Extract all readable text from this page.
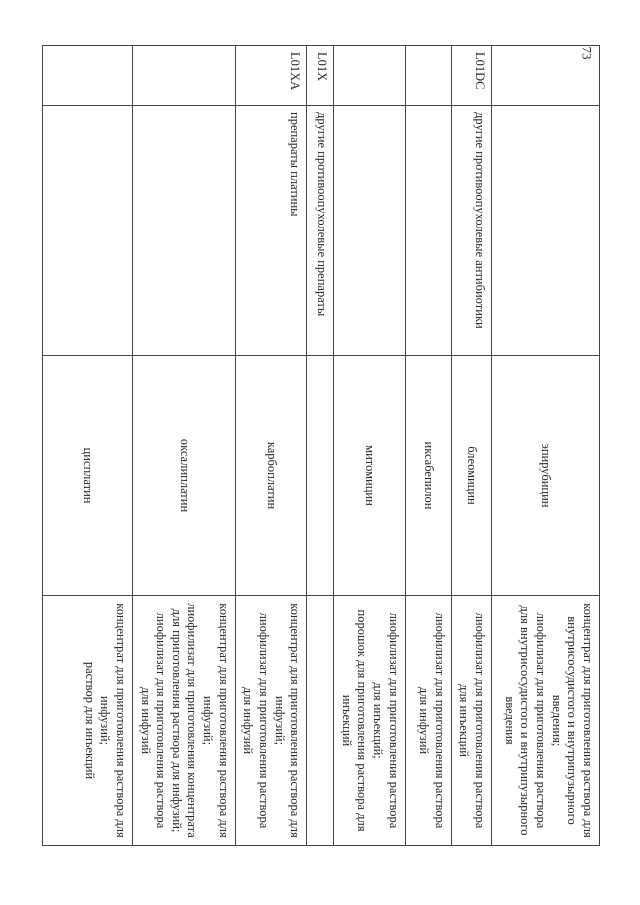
73
		эпирубицин	концентрат для приготовления раствора для внутрисосудистого и внутрипузырного введения;
лиофилизат для приготовления раствора для внутрисосудистого и внутрипузырного введения

L01DC	другие противоопухолевые антибиотики	блеомицин	лиофилизат для приготовления раствора для инъекций

		иксабепилон	лиофилизат для приготовления раствора для инфузий

		митомицин	лиофилизат для приготовления раствора для инъекций;
порошок для приготовления раствора для инъекций

L01X	другие противоопухолевые препараты		
L01XA	препараты платины	карбоплатин	концентрат для приготовления раствора для инфузий;
лиофилизат для приготовления раствора для инфузий

		оксалиплатин	концентрат для приготовления раствора для инфузий;
лиофилизат для приготовления концентрата для приготовления раствора для инфузий;
лиофилизат для приготовления раствора для инфузий

		цисплатин	концентрат для приготовления раствора для инфузий;
раствор для инъекций
